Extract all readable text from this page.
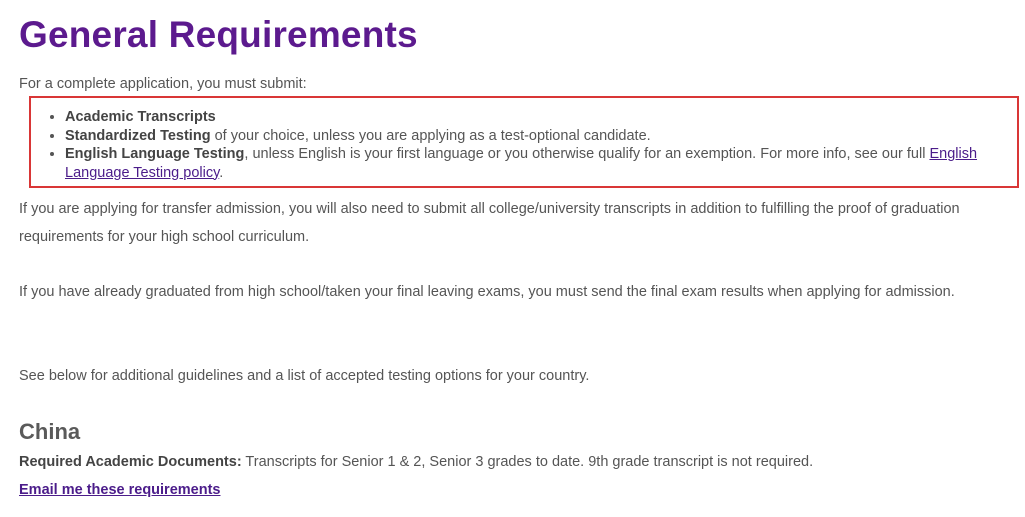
General Requirements

For a complete application, you must submit:

• Academic Transcripts
• Standardized Testing of your choice, unless you are applying as a test-optional candidate.
• English Language Testing, unless English is your first language or you otherwise qualify for an exemption. For more info, see our full English Language Testing policy.

If you are applying for transfer admission, you will also need to submit all college/university transcripts in addition to fulfilling the proof of graduation requirements for your high school curriculum.

If you have already graduated from high school/taken your final leaving exams, you must send the final exam results when applying for admission.

See below for additional guidelines and a list of accepted testing options for your country.

China

Required Academic Documents: Transcripts for Senior 1 & 2, Senior 3 grades to date. 9th grade transcript is not required.

Email me these requirements
